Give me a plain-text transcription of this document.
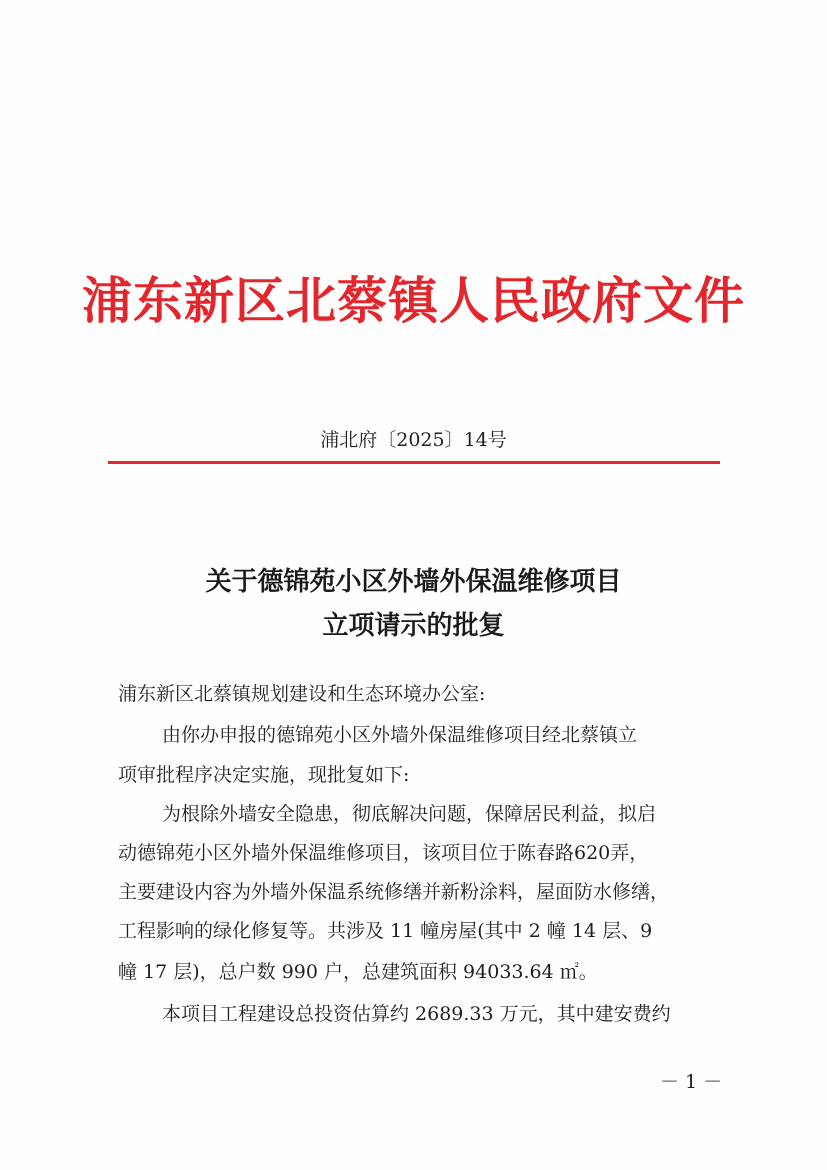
浦东新区北蔡镇人民政府文件
浦北府〔2025〕14号
关于德锦苑小区外墙外保温维修项目
立项请示的批复
浦东新区北蔡镇规划建设和生态环境办公室:
由你办申报的德锦苑小区外墙外保温维修项目经北蔡镇立
项审批程序决定实施，现批复如下:
为根除外墙安全隐患，彻底解决问题，保障居民利益，拟启
动德锦苑小区外墙外保温维修项目，该项目位于陈春路620弄，
主要建设内容为外墙外保温系统修缮并新粉涂料，屋面防水修缮，
工程影响的绿化修复等。共涉及 11 幢房屋(其中 2 幢 14 层、9
幢 17 层)，总户数 990 户，总建筑面积 94033.64 ㎡。
本项目工程建设总投资估算约 2689.33 万元，其中建安费约
－ 1 －
